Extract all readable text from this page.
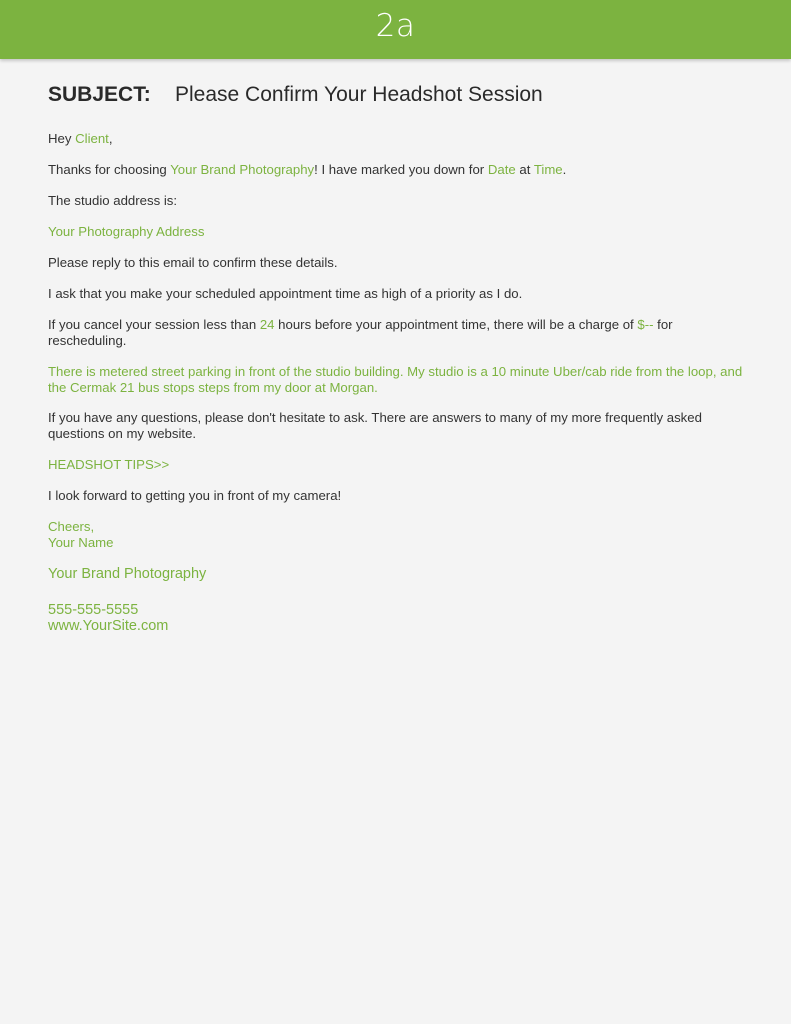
2a
SUBJECT: Please Confirm Your Headshot Session

Hey Client,

Thanks for choosing Your Brand Photography! I have marked you down for Date at Time.

The studio address is:

Your Photography Address

Please reply to this email to confirm these details.

I ask that you make your scheduled appointment time as high of a priority as I do.

If you cancel your session less than 24 hours before your appointment time, there will be a charge of $-- for rescheduling.

There is metered street parking in front of the studio building. My studio is a 10 minute Uber/cab ride from the loop, and the Cermak 21 bus stops steps from my door at Morgan.

If you have any questions, please don't hesitate to ask. There are answers to many of my more frequently asked questions on my website.

HEADSHOT TIPS>>

I look forward to getting you in front of my camera!

Cheers,

Your Name

Your Brand Photography
555-555-5555
www.YourSite.com
